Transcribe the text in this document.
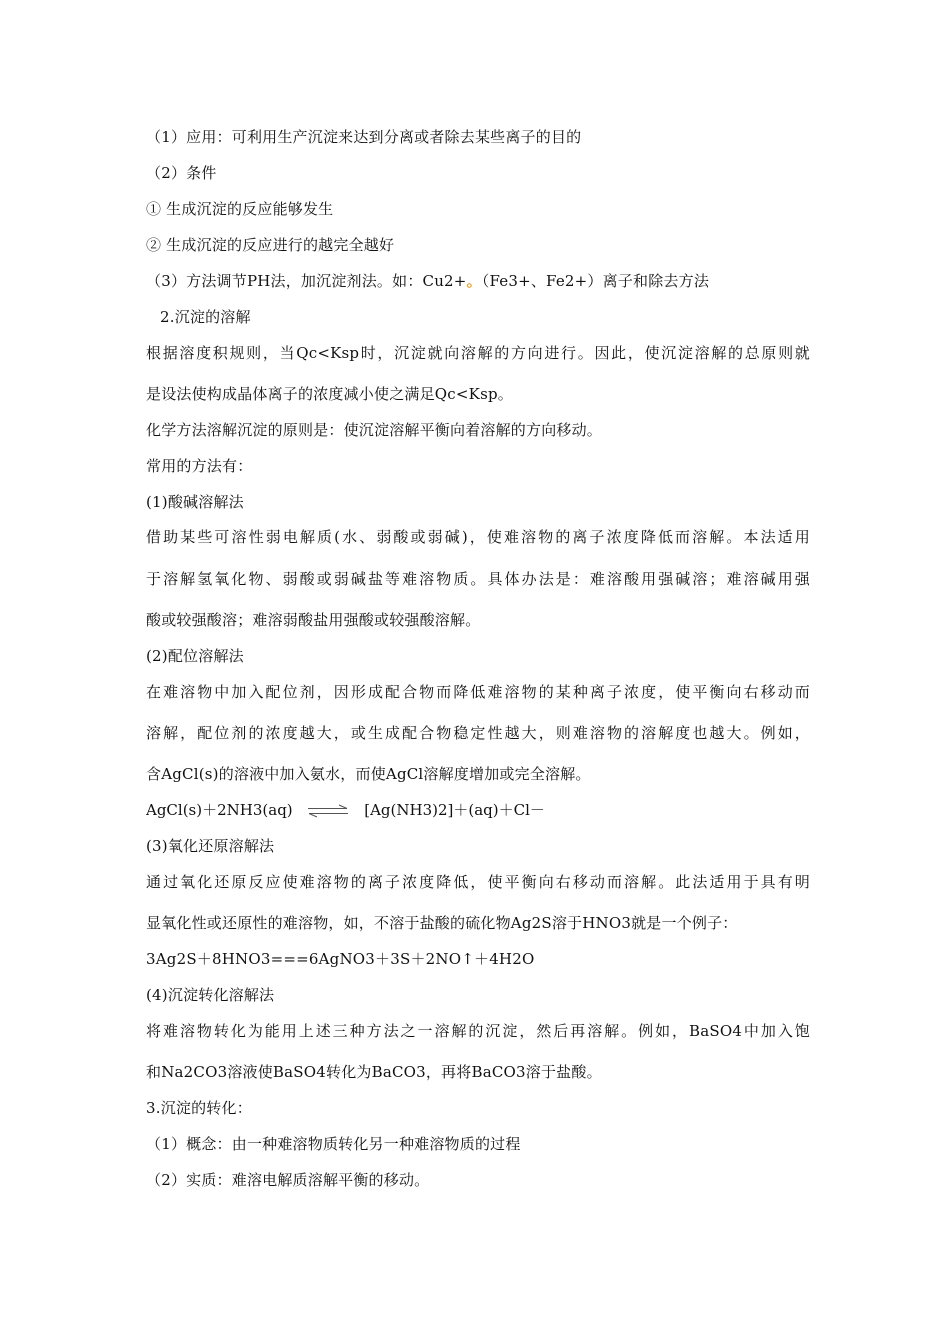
（1）应用：可利用生产沉淀来达到分离或者除去某些离子的目的
（2）条件
① 生成沉淀的反应能够发生
② 生成沉淀的反应进行的越完全越好
（3）方法调节PH法，加沉淀剂法。如：Cu2+。（Fe3+、Fe2+）离子和除去方法
2.沉淀的溶解
根据溶度积规则，当Qc<Ksp时，沉淀就向溶解的方向进行。因此，使沉淀溶解的总原则就
是设法使构成晶体离子的浓度减小使之满足Qc<Ksp。
化学方法溶解沉淀的原则是：使沉淀溶解平衡向着溶解的方向移动。
常用的方法有：
(1)酸碱溶解法
借助某些可溶性弱电解质(水、弱酸或弱碱)，使难溶物的离子浓度降低而溶解。本法适用
于溶解氢氧化物、弱酸或弱碱盐等难溶物质。具体办法是：难溶酸用强碱溶；难溶碱用强
酸或较强酸溶；难溶弱酸盐用强酸或较强酸溶解。
(2)配位溶解法
在难溶物中加入配位剂，因形成配合物而降低难溶物的某种离子浓度，使平衡向右移动而
溶解，配位剂的浓度越大，或生成配合物稳定性越大，则难溶物的溶解度也越大。例如，
含AgCl(s)的溶液中加入氨水，而使AgCl溶解度增加或完全溶解。
AgCl(s)＋2NH3(aq) ⇌ [Ag(NH3)2]＋(aq)＋Cl－
(3)氧化还原溶解法
通过氧化还原反应使难溶物的离子浓度降低，使平衡向右移动而溶解。此法适用于具有明
显氧化性或还原性的难溶物，如，不溶于盐酸的硫化物Ag2S溶于HNO3就是一个例子：
3Ag2S＋8HNO3===6AgNO3＋3S＋2NO↑＋4H2O
(4)沉淀转化溶解法
将难溶物转化为能用上述三种方法之一溶解的沉淀，然后再溶解。例如，BaSO4中加入饱
和Na2CO3溶液使BaSO4转化为BaCO3，再将BaCO3溶于盐酸。
3.沉淀的转化：
（1）概念：由一种难溶物质转化另一种难溶物质的过程
（2）实质：难溶电解质溶解平衡的移动。
